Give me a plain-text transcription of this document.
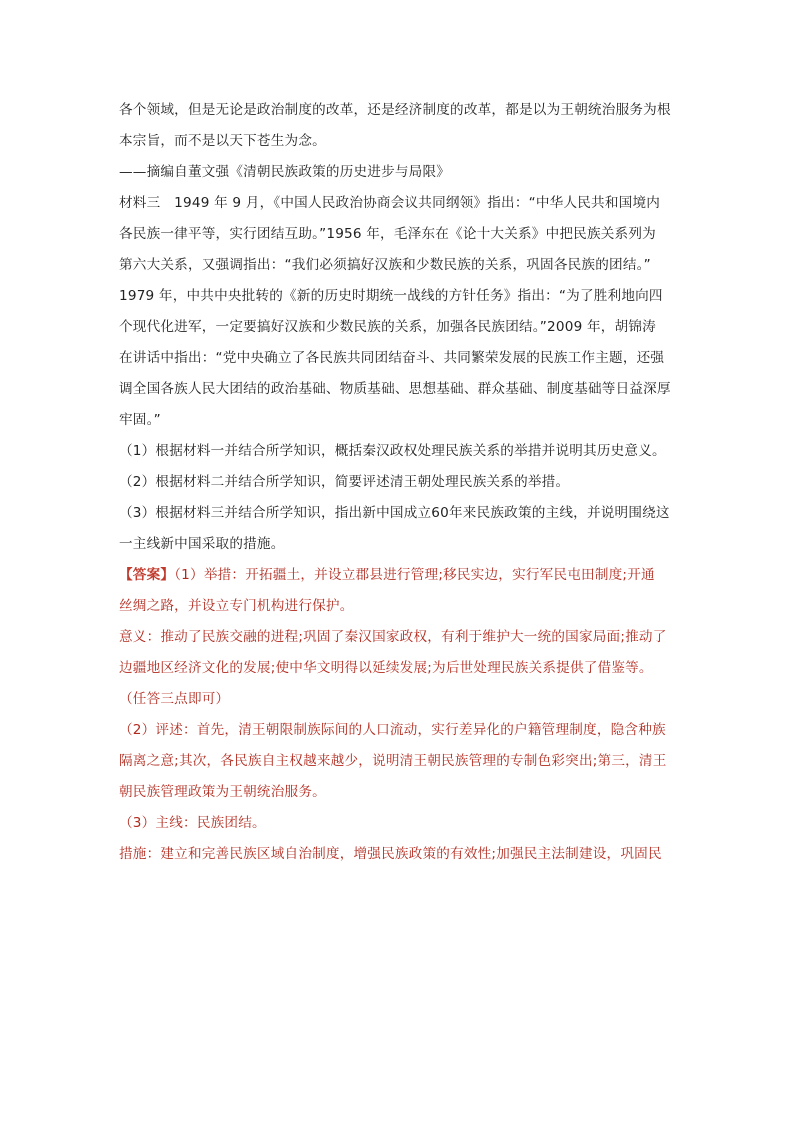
各个领域，但是无论是政治制度的改革，还是经济制度的改革，都是以为王朝统治服务为根
本宗旨，而不是以天下苍生为念。
——摘编自董文强《清朝民族政策的历史进步与局限》
材料三　1949 年 9 月，《中国人民政治协商会议共同纲领》指出：“中华人民共和国境内
各民族一律平等，实行团结互助。”1956 年，毛泽东在《论十大关系》中把民族关系列为
第六大关系，又强调指出：“我们必须搞好汉族和少数民族的关系，巩固各民族的团结。”
1979 年，中共中央批转的《新的历史时期统一战线的方针任务》指出：“为了胜利地向四
个现代化进军，一定要搞好汉族和少数民族的关系，加强各民族团结。”2009 年，胡锦涛
在讲话中指出：“党中央确立了各民族共同团结奋斗、共同繁荣发展的民族工作主题，还强
调全国各族人民大团结的政治基础、物质基础、思想基础、群众基础、制度基础等日益深厚
牢固。”
（1）根据材料一并结合所学知识，概括秦汉政权处理民族关系的举措并说明其历史意义。
（2）根据材料二并结合所学知识，简要评述清王朝处理民族关系的举措。
（3）根据材料三并结合所学知识，指出新中国成立60年来民族政策的主线，并说明围绕这
一主线新中国采取的措施。
【答案】（1）举措：开拓疆土，并设立郡县进行管理;移民实边，实行军民屯田制度;开通
丝绸之路，并设立专门机构进行保护。
意义：推动了民族交融的进程;巩固了秦汉国家政权，有利于维护大一统的国家局面;推动了
边疆地区经济文化的发展;使中华文明得以延续发展;为后世处理民族关系提供了借鉴等。
（任答三点即可）
（2）评述：首先，清王朝限制族际间的人口流动，实行差异化的户籍管理制度，隐含种族
隔离之意;其次，各民族自主权越来越少，说明清王朝民族管理的专制色彩突出;第三，清王
朝民族管理政策为王朝统治服务。
（3）主线：民族团结。
措施：建立和完善民族区域自治制度，增强民族政策的有效性;加强民主法制建设，巩固民
